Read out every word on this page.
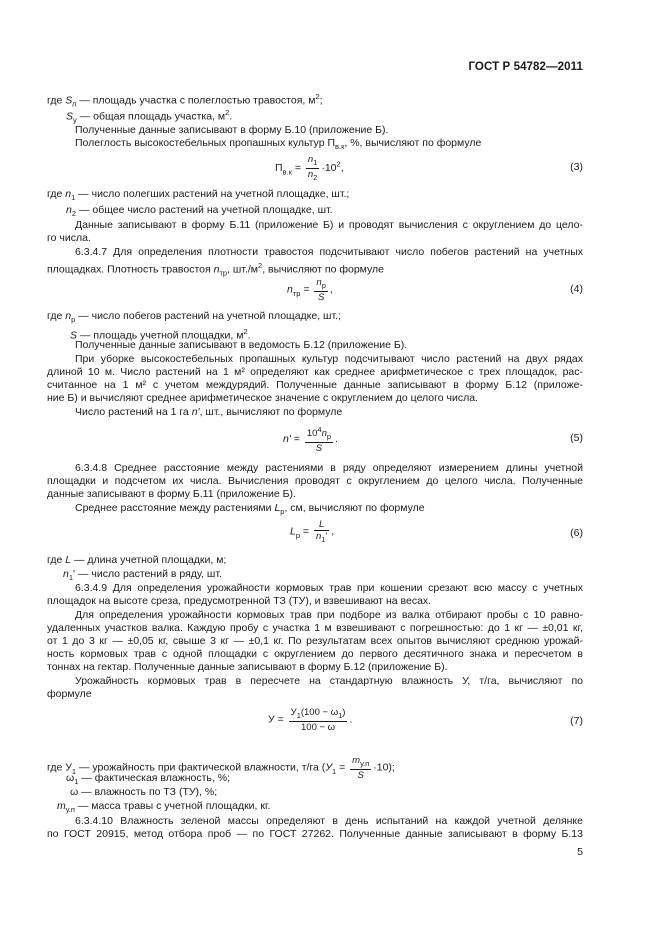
ГОСТ Р 54782—2011
где $S_п$ — площадь участка с полеглостью травостоя, $м^2$;
$S_у$ — общая площадь участка, $м^2$.
Полученные данные записывают в форму Б.10 (приложение Б).
Полеглость высокостебельных пропашных культур $П_{в.к}$, %, вычисляют по формуле
$П_{в.к} = \frac{n_1}{n_2} \cdot 10^2$,	(3)
где $n_1$ — число полегших растений на учетной площадке, шт.;
$n_2$ — общее число растений на учетной площадке, шт.
Данные записывают в форму Б.11 (приложение Б) и проводят вычисления с округлением до цело-
го числа.
6.3.4.7 Для определения плотности травостоя подсчитывают число побегов растений на учетных
площадках. Плотность травостоя $n_{тр}$, $шт./м^2$, вычисляют по формуле
$n_{тр} = \frac{n_р}{S}$ ,	(4)
где $n_р$ — число побегов растений на учетной площадке, шт.;
S — площадь учетной площадки, $м^2$.
Полученные данные записывают в ведомость Б.12 (приложение Б).
При уборке высокостебельных пропашных культур подсчитывают число растений на двух рядах
длиной 10 м. Число растений на 1 м² определяют как среднее арифметическое с трех площадок, рас-
считанное на 1 м² с учетом междурядий. Полученные данные записывают в форму Б.12 (приложе-
ние Б) и вычисляют среднее арифметическое значение с округлением до целого числа.
Число растений на 1 га n', шт., вычисляют по формуле
$n' = \frac{10^4n_р}{S}$ .	(5)
6.3.4.8 Среднее расстояние между растениями в ряду определяют измерением длины учетной
площадки и подсчетом их числа. Вычисления проводят с округлением до целого числа. Полученные
данные записывают в форму Б.11 (приложение Б).
Среднее расстояние между растениями $L_р$, см, вычисляют по формуле
$L_р = \frac{L}{n_1'}$ ,	(6)
где L — длина учетной площадки, м;
$n_1'$ — число растений в ряду, шт.
6.3.4.9 Для определения урожайности кормовых трав при кошении срезают всю массу с учетных
площадок на высоте среза, предусмотренной ТЗ (ТУ), и взвешивают на весах.
Для определения урожайности кормовых трав при подборе из валка отбирают пробы с 10 равно-
удаленных участков валка. Каждую пробу с участка 1 м взвешивают с погрешностью: до 1 кг — ±0,01 кг,
от 1 до 3 кг — ±0,05 кг, свыше 3 кг — ±0,1 кг. По результатам всех опытов вычисляют среднюю урожай-
ность кормовых трав с одной площадки с округлением до первого десятичного знака и пересчетом в
тоннах на гектар. Полученные данные записывают в форму Б.12 (приложение Б).
Урожайность кормовых трав в пересчете на стандартную влажность У, т/га, вычисляют по
формуле
$У = \frac{У_1(100 - \omega_1)}{100 - \omega}$ .	(7)
где $У_1$ — урожайность при фактической влажности, т/га $(У_1 = \frac{m_{у.п}}{S} \cdot 10)$;
$\omega_1$ — фактическая влажность, %;
ω — влажность по ТЗ (ТУ), %;
$m_{у.п}$ — масса травы с учетной площадки, кг.
6.3.4.10 Влажность зеленой массы определяют в день испытаний на каждой учетной делянке
по ГОСТ 20915, метод отбора проб — по ГОСТ 27262. Полученные данные записывают в форму Б.13
5
